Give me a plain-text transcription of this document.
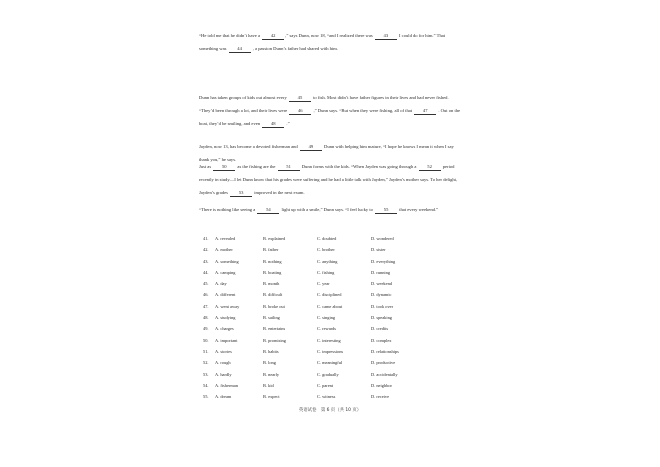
“He told me that he didn’t have a 42 ,” says Dunn, now 18, “and I realized there was 43 I could do for him.” That something was 44 , a passion Dunn’s father had shared with him.
Dunn has taken groups of kids out almost every 45 to fish. Most didn’t have father figures in their lives and had never fished. “They’d been through a lot, and their lives were 46 ,” Dunn says. “But when they were fishing, all of that 47 . Out on the boat, they’d be smiling, and even 48 .”
Jayden, now 13, has become a devoted fisherman and 49 Dunn with helping him mature, “I hope he knows I mean it when I say thank you,” he says.
Just as 50 as the fishing are the 51 Dunn forms with the kids. “When Jayden was going through a 52 period recently in study—I let Dunn know that his grades were suffering and he had a little talk with Jayden,” Jayden’s mother says. To her delight, Jayden’s grades 53 improved in the next exam.
“There is nothing like seeing a 54 light up with a smile,” Dunn says. “I feel lucky to 55 that every weekend.”
41. A. revealed	B. explained	C. doubted	D. wondered
42. A. mother	B. father	C. brother	D. sister
43. A. something	B. nothing	C. anything	D. everything
44. A. camping	B. boating	C. fishing	D. running
45. A. day	B. month	C. year	D. weekend
46. A. different	B. difficult	C. disciplined	D. dynamic
47. A. went away	B. broke out	C. came about	D. took over
48. A. studying	B. sailing	C. singing	D. speaking
49. A. charges	B. entertains	C. rewards	D. credits
50. A. important	B. promising	C. interesting	D. complex
51. A. stories	B. habits	C. impressions	D. relationships
52. A. rough	B. long	C. meaningful	D. productive
53. A. hardly	B. nearly	C. gradually	D. accidentally
54. A. fisherman	B. kid	C. parent	D. neighbor
55. A. dream	B. expect	C. witness	D. receive
英语试卷　第 6 页（共 10 页）
